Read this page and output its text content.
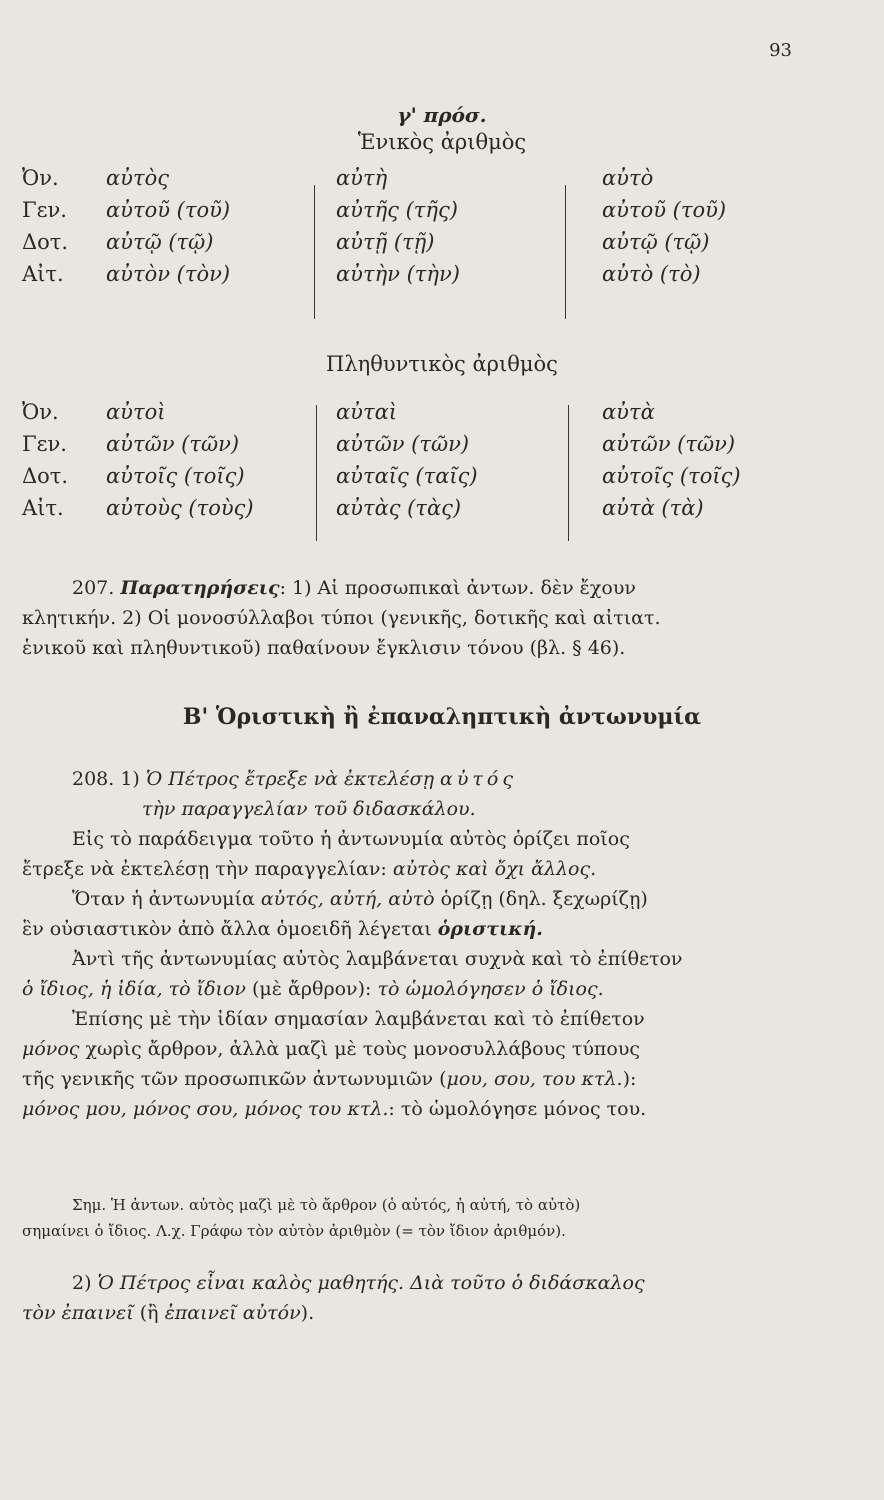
93
γ' πρόσ.
Ἑνικὸς ἀριθμὸς
Ὀν.	αὐτὸς	αὐτὴ	αὐτὸ
Γεν.	αὐτοῦ (τοῦ)	αὐτῆς (τῆς)	αὐτοῦ (τοῦ)
Δοτ.	αὐτῷ (τῷ)	αὐτῇ (τῇ)	αὐτῷ (τῷ)
Αἰτ.	αὐτὸν (τὸν)	αὐτὴν (τὴν)	αὐτὸ (τὸ)
Πληθυντικὸς ἀριθμὸς
Ὀν.	αὐτοὶ	αὐταὶ	αὐτὰ
Γεν.	αὐτῶν (τῶν)	αὐτῶν (τῶν)	αὐτῶν (τῶν)
Δοτ.	αὐτοῖς (τοῖς)	αὐταῖς (ταῖς)	αὐτοῖς (τοῖς)
Αἰτ.	αὐτοὺς (τοὺς)	αὐτὰς (τὰς)	αὐτὰ (τὰ)

207. Παρατηρήσεις: 1) Αἱ προσωπικαὶ ἀντων. δὲν ἔχουν

κλητικήν. 2) Οἱ μονοσύλλαβοι τύποι (γενικῆς, δοτικῆς καὶ αἰτιατ.

ἑνικοῦ καὶ πληθυντικοῦ) παθαίνουν ἔγκλισιν τόνου (βλ. § 46).

Β' Ὁριστικὴ ἢ ἐπαναληπτικὴ ἀντωνυμία

208. 1) Ὁ Πέτρος ἔτρεξε νὰ ἐκτελέσῃ αὐτός

τὴν παραγγελίαν τοῦ διδασκάλου.

Εἰς τὸ παράδειγμα τοῦτο ἡ ἀντωνυμία αὐτὸς ὁρίζει ποῖος

ἔτρεξε νὰ ἐκτελέσῃ τὴν παραγγελίαν: αὐτὸς καὶ ὄχι ἄλλος.

Ὅταν ἡ ἀντωνυμία αὐτός, αὐτή, αὐτὸ ὁρίζῃ (δηλ. ξεχωρίζῃ)

ἓν οὐσιαστικὸν ἀπὸ ἄλλα ὁμοειδῆ λέγεται ὁριστική.

Ἀντὶ τῆς ἀντωνυμίας αὐτὸς λαμβάνεται συχνὰ καὶ τὸ ἐπίθετον

ὁ ἴδιος, ἡ ἰδία, τὸ ἴδιον (μὲ ἄρθρον): τὸ ὡμολόγησεν ὁ ἴδιος.

Ἐπίσης μὲ τὴν ἰδίαν σημασίαν λαμβάνεται καὶ τὸ ἐπίθετον

μόνος χωρὶς ἄρθρον, ἀλλὰ μαζὶ μὲ τοὺς μονοσυλλάβους τύπους

τῆς γενικῆς τῶν προσωπικῶν ἀντωνυμιῶν (μου, σου, του κτλ.):

μόνος μου, μόνος σου, μόνος του κτλ.: τὸ ὡμολόγησε μόνος του.

Σημ. Ἡ ἀντων. αὐτὸς μαζὶ μὲ τὸ ἄρθρον (ὁ αὐτός, ἡ αὐτή, τὸ αὐτὸ)

σημαίνει ὁ ἴδιος. Λ.χ. Γράφω τὸν αὐτὸν ἀριθμὸν (= τὸν ἴδιον ἀριθμόν).

2) Ὁ Πέτρος εἶναι καλὸς μαθητής. Διὰ τοῦτο ὁ διδάσκαλος

τὸν ἐπαινεῖ (ἢ ἐπαινεῖ αὐτόν).
